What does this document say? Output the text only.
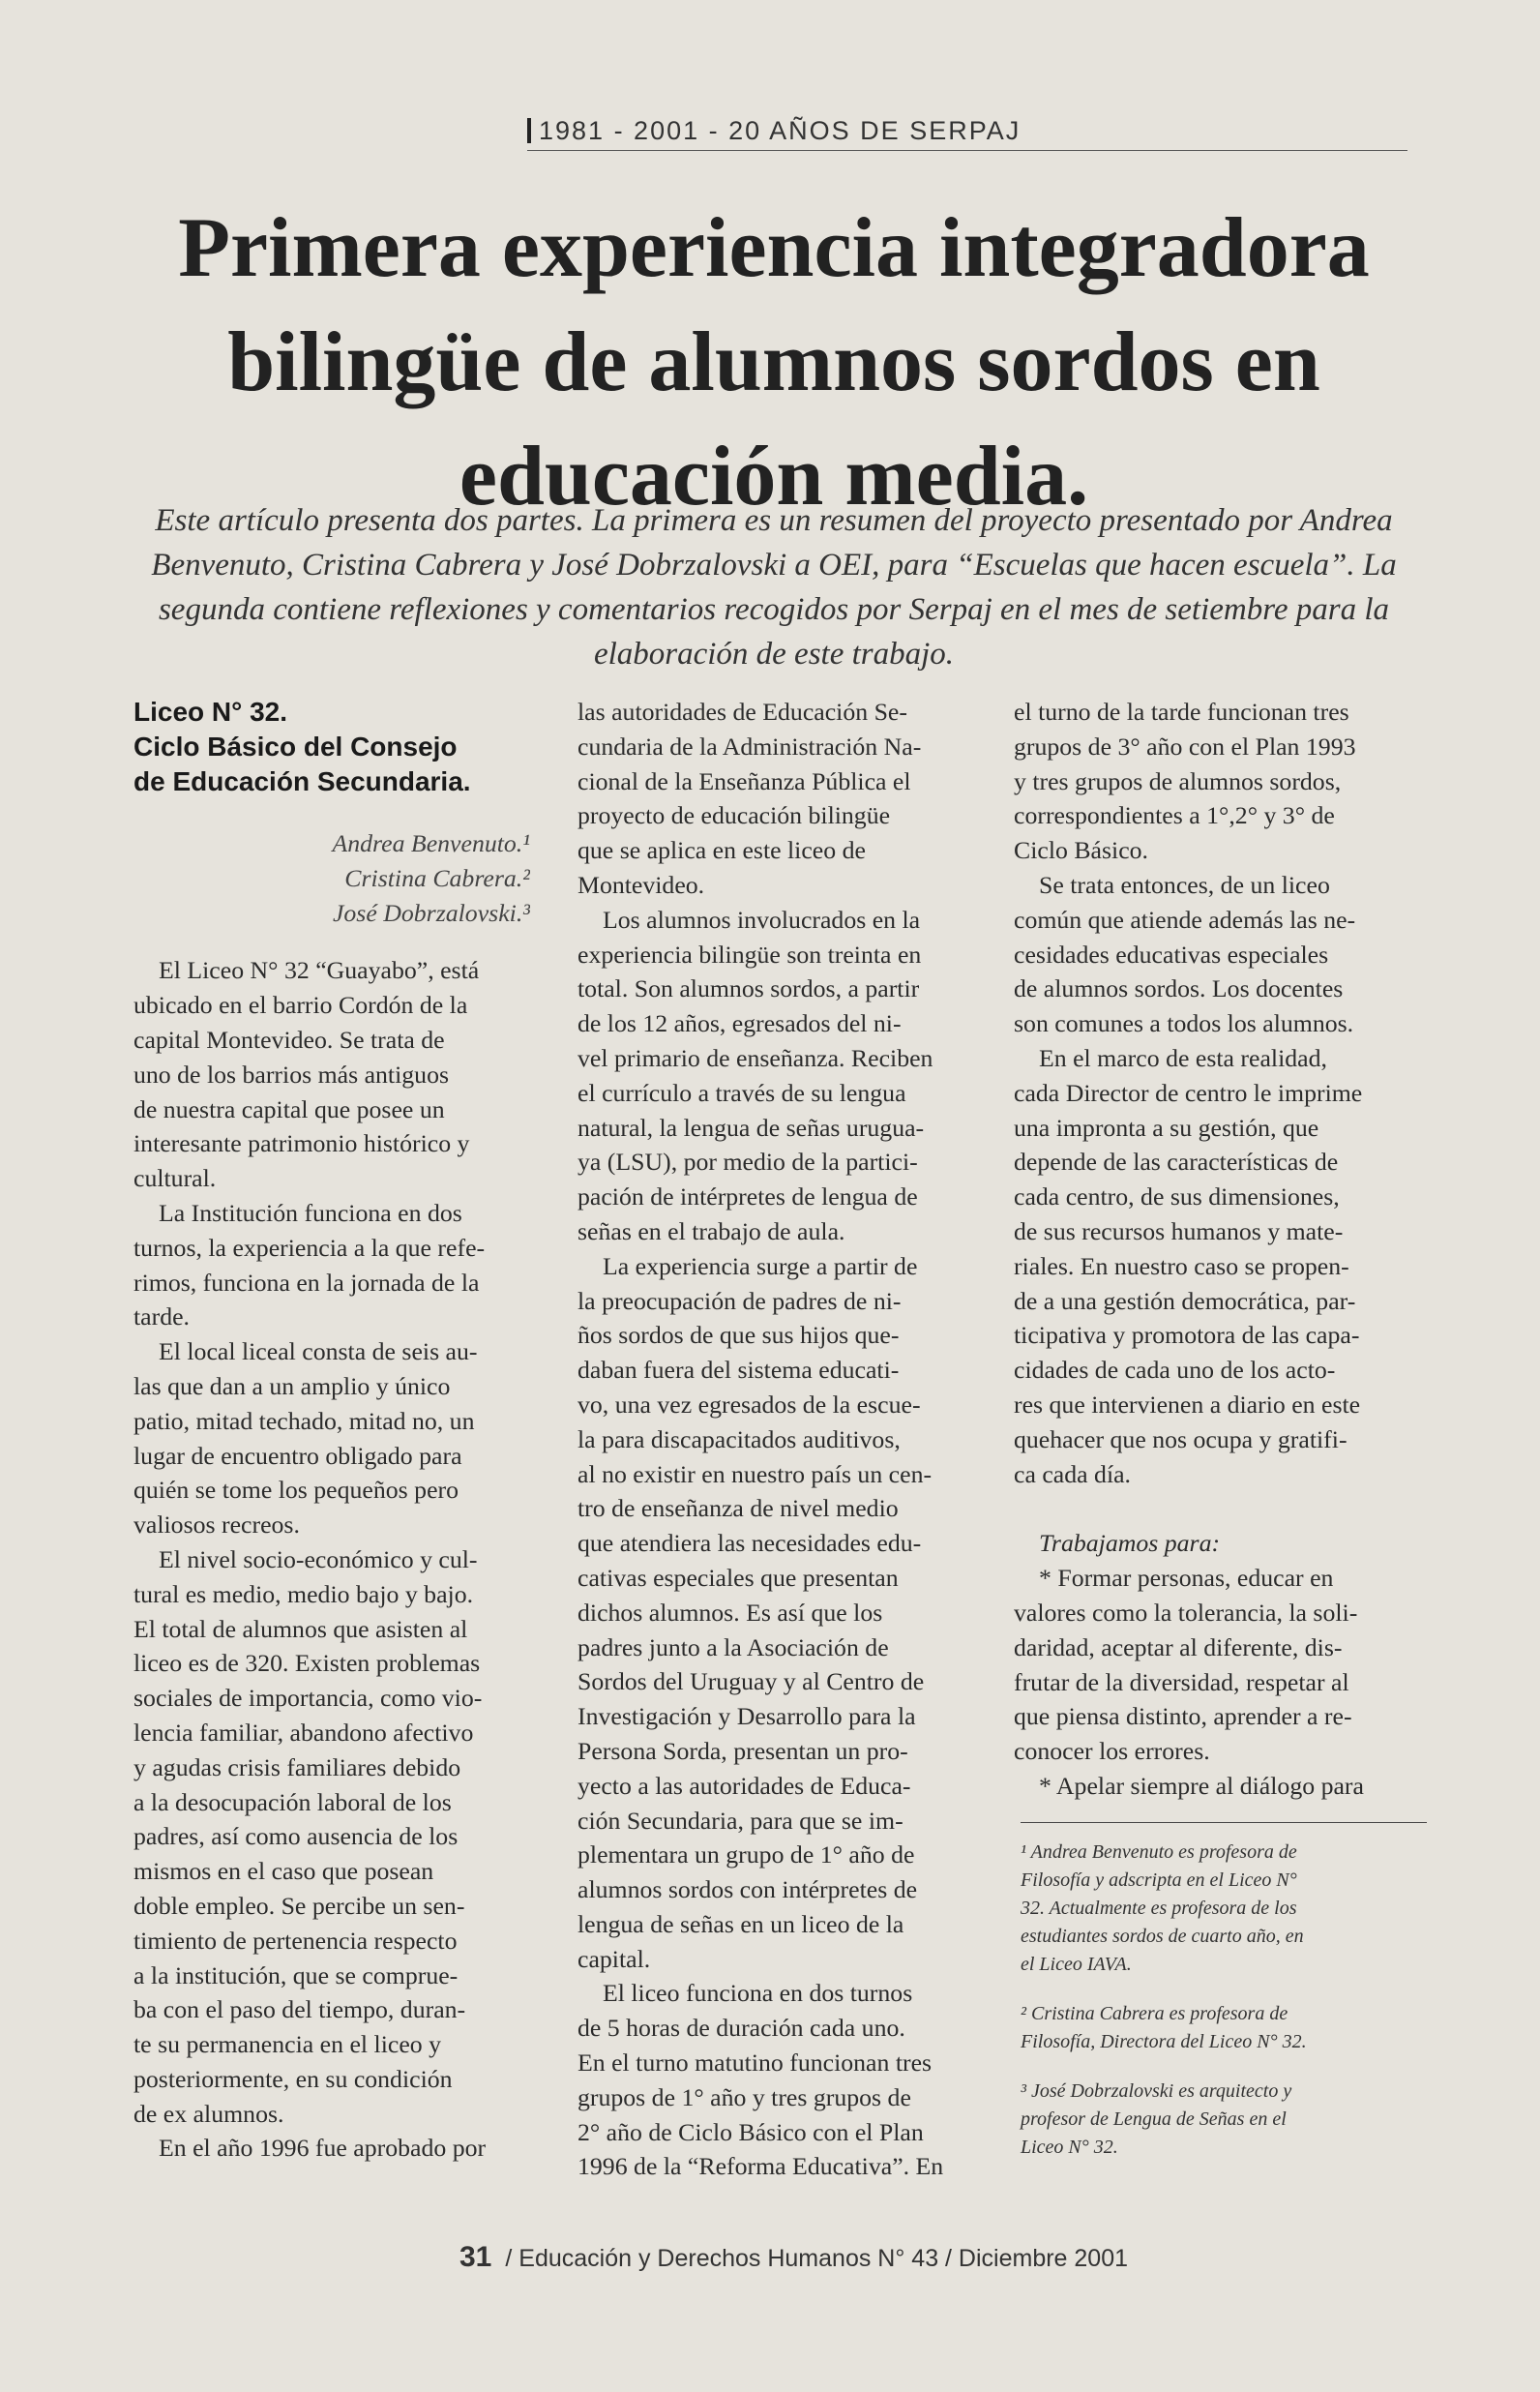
1981 - 2001 - 20 AÑOS DE SERPAJ
Primera experiencia integradora bilingüe de alumnos sordos en educación media.

Este artículo presenta dos partes. La primera es un resumen del proyecto presentado por Andrea Benvenuto, Cristina Cabrera y José Dobrzalovski a OEI, para “Escuelas que hacen escuela”. La segunda contiene reflexiones y comentarios recogidos por Serpaj en el mes de setiembre para la elaboración de este trabajo.

Liceo N° 32.
Ciclo Básico del Consejo
de Educación Secundaria.
Andrea Benvenuto.¹
Cristina Cabrera.²
José Dobrzalovski.³
El Liceo N° 32 “Guayabo”, está
ubicado en el barrio Cordón de la
capital Montevideo. Se trata de
uno de los barrios más antiguos
de nuestra capital que posee un
interesante patrimonio histórico y
cultural.
La Institución funciona en dos
turnos, la experiencia a la que refe-
rimos, funciona en la jornada de la
tarde.
El local liceal consta de seis au-
las que dan a un amplio y único
patio, mitad techado, mitad no, un
lugar de encuentro obligado para
quién se tome los pequeños pero
valiosos recreos.
El nivel socio-económico y cul-
tural es medio, medio bajo y bajo.
El total de alumnos que asisten al
liceo es de 320. Existen problemas
sociales de importancia, como vio-
lencia familiar, abandono afectivo
y agudas crisis familiares debido
a la desocupación laboral de los
padres, así como ausencia de los
mismos en el caso que posean
doble empleo. Se percibe un sen-
timiento de pertenencia respecto
a la institución, que se comprue-
ba con el paso del tiempo, duran-
te su permanencia en el liceo y
posteriormente, en su condición
de ex alumnos.
En el año 1996 fue aprobado por
las autoridades de Educación Se-
cundaria de la Administración Na-
cional de la Enseñanza Pública el
proyecto de educación bilingüe
que se aplica en este liceo de
Montevideo.
Los alumnos involucrados en la
experiencia bilingüe son treinta en
total. Son alumnos sordos, a partir
de los 12 años, egresados del ni-
vel primario de enseñanza. Reciben
el currículo a través de su lengua
natural, la lengua de señas urugua-
ya (LSU), por medio de la partici-
pación de intérpretes de lengua de
señas en el trabajo de aula.
La experiencia surge a partir de
la preocupación de padres de ni-
ños sordos de que sus hijos que-
daban fuera del sistema educati-
vo, una vez egresados de la escue-
la para discapacitados auditivos,
al no existir en nuestro país un cen-
tro de enseñanza de nivel medio
que atendiera las necesidades edu-
cativas especiales que presentan
dichos alumnos. Es así que los
padres junto a la Asociación de
Sordos del Uruguay y al Centro de
Investigación y Desarrollo para la
Persona Sorda, presentan un pro-
yecto a las autoridades de Educa-
ción Secundaria, para que se im-
plementara un grupo de 1° año de
alumnos sordos con intérpretes de
lengua de señas en un liceo de la
capital.
El liceo funciona en dos turnos
de 5 horas de duración cada uno.
En el turno matutino funcionan tres
grupos de 1° año y tres grupos de
2° año de Ciclo Básico con el Plan
1996 de la “Reforma Educativa”. En
el turno de la tarde funcionan tres
grupos de 3° año con el Plan 1993
y tres grupos de alumnos sordos,
correspondientes a 1°,2° y 3° de
Ciclo Básico.
Se trata entonces, de un liceo
común que atiende además las ne-
cesidades educativas especiales
de alumnos sordos. Los docentes
son comunes a todos los alumnos.
En el marco de esta realidad,
cada Director de centro le imprime
una impronta a su gestión, que
depende de las características de
cada centro, de sus dimensiones,
de sus recursos humanos y mate-
riales. En nuestro caso se propen-
de a una gestión democrática, par-
ticipativa y promotora de las capa-
cidades de cada uno de los acto-
res que intervienen a diario en este
quehacer que nos ocupa y gratifi-
ca cada día.
Trabajamos para:
* Formar personas, educar en
valores como la tolerancia, la soli-
daridad, aceptar al diferente, dis-
frutar de la diversidad, respetar al
que piensa distinto, aprender a re-
conocer los errores.
* Apelar siempre al diálogo para
¹ Andrea Benvenuto es profesora de
Filosofía y adscripta en el Liceo N°
32. Actualmente es profesora de los
estudiantes sordos de cuarto año, en
el Liceo IAVA.
² Cristina Cabrera es profesora de
Filosofía, Directora del Liceo N° 32.
³ José Dobrzalovski es arquitecto y
profesor de Lengua de Señas en el
Liceo N° 32.
31 / Educación y Derechos Humanos N° 43 / Diciembre 2001
